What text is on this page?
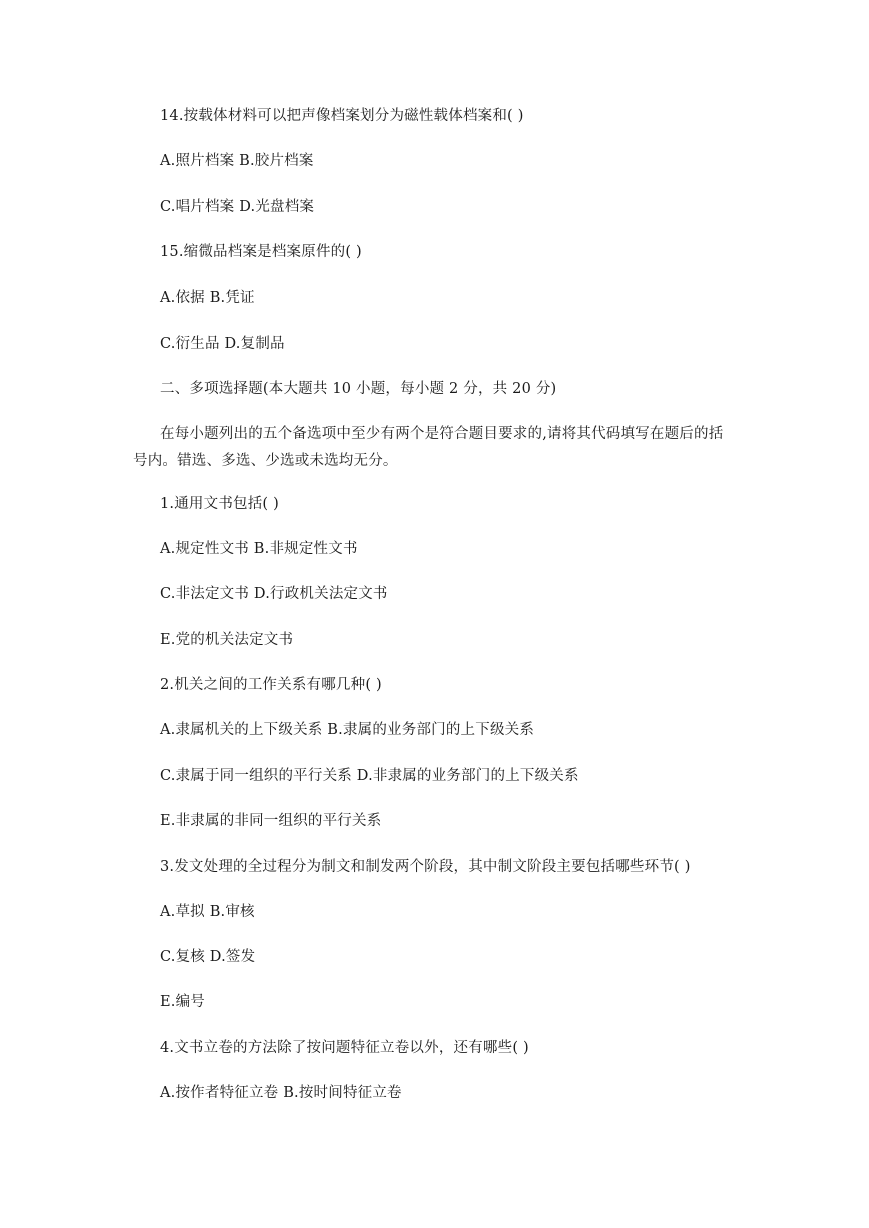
14.按载体材料可以把声像档案划分为磁性载体档案和( )
A.照片档案 B.胶片档案
C.唱片档案 D.光盘档案
15.缩微品档案是档案原件的( )
A.依据 B.凭证
C.衍生品 D.复制品
二、多项选择题(本大题共 10 小题，每小题 2 分，共 20 分)
在每小题列出的五个备选项中至少有两个是符合题目要求的,请将其代码填写在题后的括号内。错选、多选、少选或未选均无分。
1.通用文书包括( )
A.规定性文书 B.非规定性文书
C.非法定文书 D.行政机关法定文书
E.党的机关法定文书
2.机关之间的工作关系有哪几种( )
A.隶属机关的上下级关系 B.隶属的业务部门的上下级关系
C.隶属于同一组织的平行关系 D.非隶属的业务部门的上下级关系
E.非隶属的非同一组织的平行关系
3.发文处理的全过程分为制文和制发两个阶段，其中制文阶段主要包括哪些环节( )
A.草拟 B.审核
C.复核 D.签发
E.编号
4.文书立卷的方法除了按问题特征立卷以外，还有哪些( )
A.按作者特征立卷 B.按时间特征立卷
